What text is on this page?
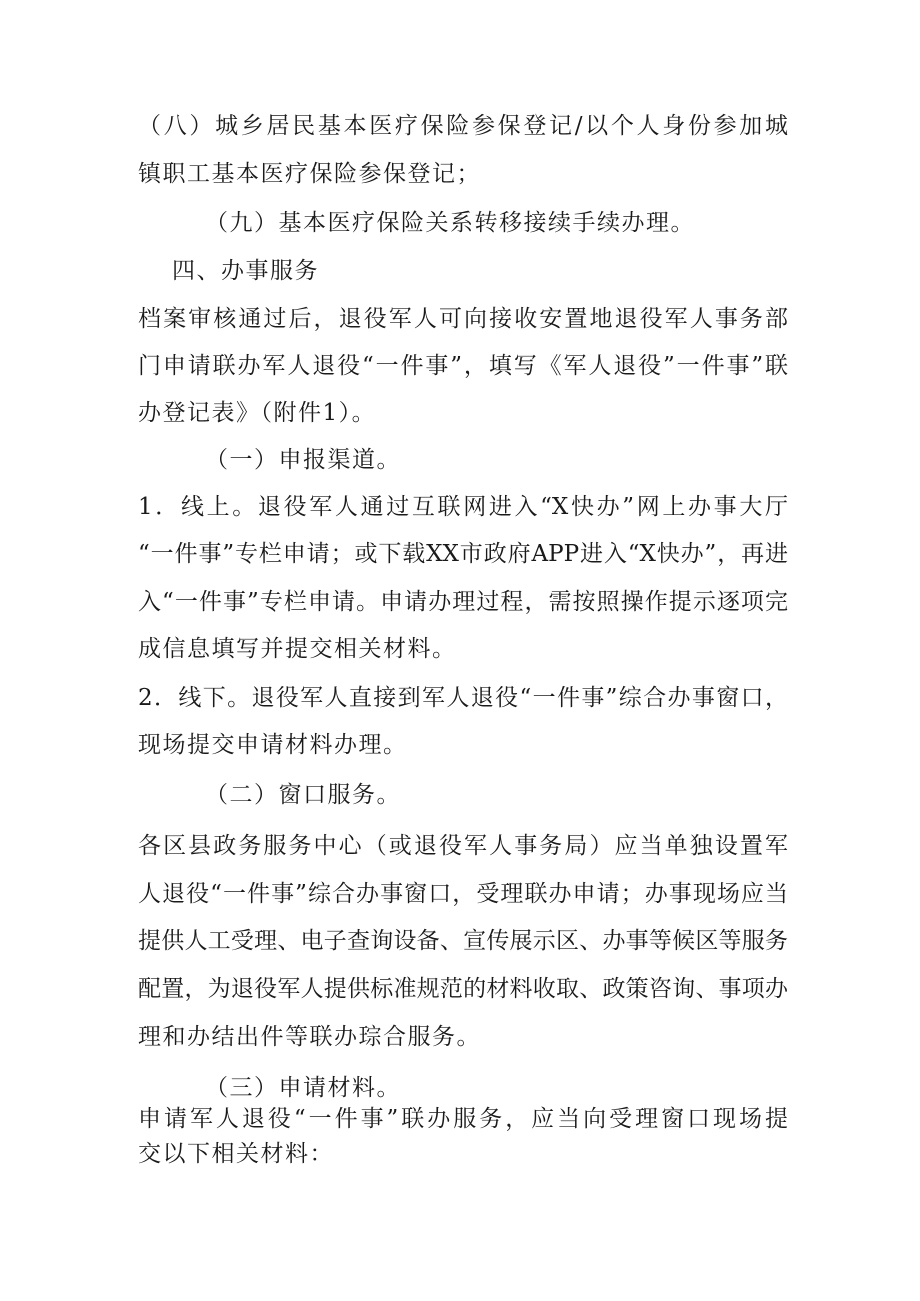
（八）城乡居民基本医疗保险参保登记/以个人身份参加城

镇职工基本医疗保险参保登记；

（九）基本医疗保险关系转移接续手续办理。

四、办事服务

档案审核通过后，退役军人可向接收安置地退役军人事务部

门申请联办军人退役“一件事”，填写《军人退役”一件事”联

办登记表》（附件1）。

（一）申报渠道。

1．线上。退役军人通过互联网进入“X快办”网上办事大厅

“一件事”专栏申请；或下载XX市政府APP进入“X快办”，再进

入“一件事”专栏申请。申请办理过程，需按照操作提示逐项完

成信息填写并提交相关材料。

2．线下。退役军人直接到军人退役“一件事”综合办事窗口，

现场提交申请材料办理。

（二）窗口服务。

各区县政务服务中心（或退役军人事务局）应当单独设置军

人退役“一件事”综合办事窗口，受理联办申请；办事现场应当

提供人工受理、电子查询设备、宣传展示区、办事等候区等服务

配置，为退役军人提供标准规范的材料收取、政策咨询、事项办

理和办结出件等联办琮合服务。

（三）申请材料。

申请军人退役“一件事”联办服务，应当向受理窗口现场提

交以下相关材料：
